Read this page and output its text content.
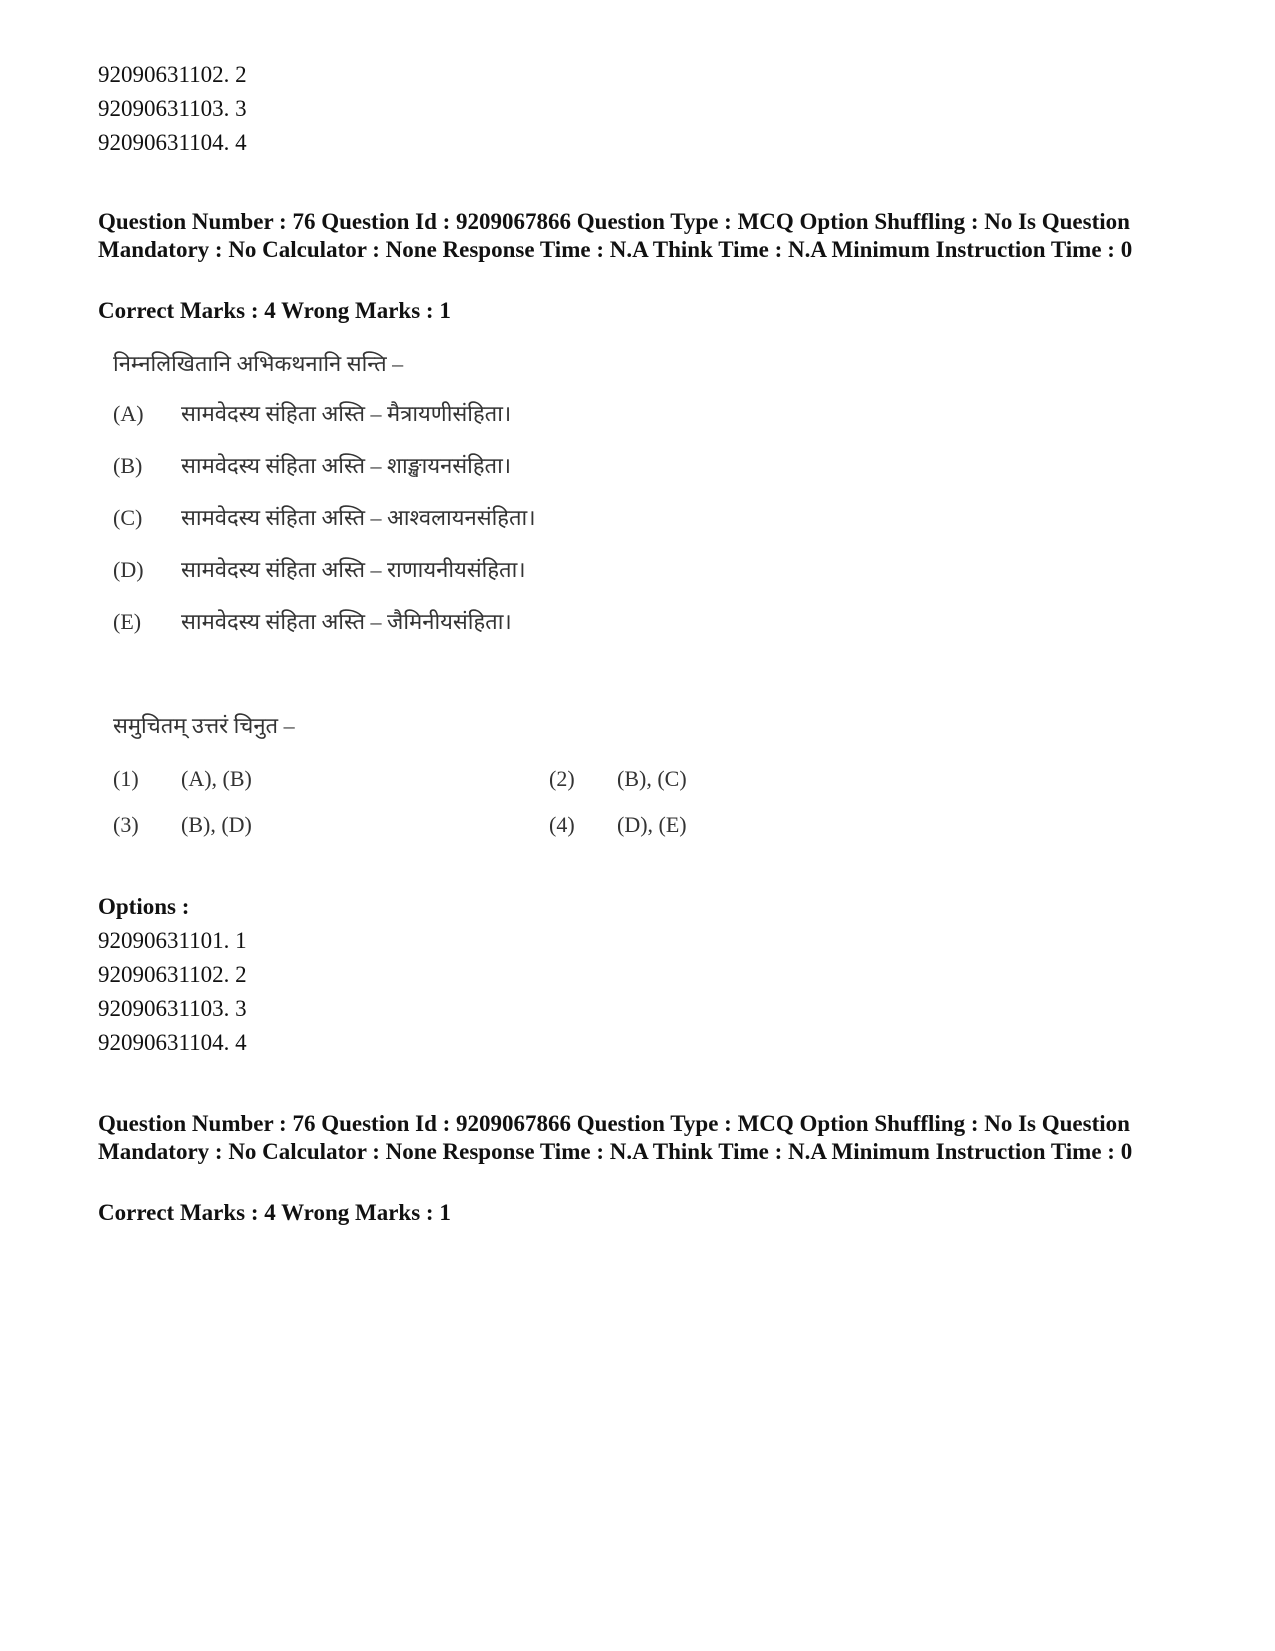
92090631102. 2
92090631103. 3
92090631104. 4
Question Number : 76 Question Id : 9209067866 Question Type : MCQ Option Shuffling : No Is Question Mandatory : No Calculator : None Response Time : N.A Think Time : N.A Minimum Instruction Time : 0
Correct Marks : 4 Wrong Marks : 1
निम्नलिखितानि अभिकथनानि सन्ति –
(A) सामवेदस्य संहिता अस्ति – मैत्रायणीसंहिता।
(B) सामवेदस्य संहिता अस्ति – शाङ्खायनसंहिता।
(C) सामवेदस्य संहिता अस्ति – आश्वलायनसंहिता।
(D) सामवेदस्य संहिता अस्ति – राणायनीयसंहिता।
(E) सामवेदस्य संहिता अस्ति – जैमिनीयसंहिता।
समुचितम् उत्तरं चिनुत –
(1) (A), (B)	(2) (B), (C)
(3) (B), (D)	(4) (D), (E)
Options :
92090631101. 1
92090631102. 2
92090631103. 3
92090631104. 4
Question Number : 76 Question Id : 9209067866 Question Type : MCQ Option Shuffling : No Is Question Mandatory : No Calculator : None Response Time : N.A Think Time : N.A Minimum Instruction Time : 0
Correct Marks : 4 Wrong Marks : 1
